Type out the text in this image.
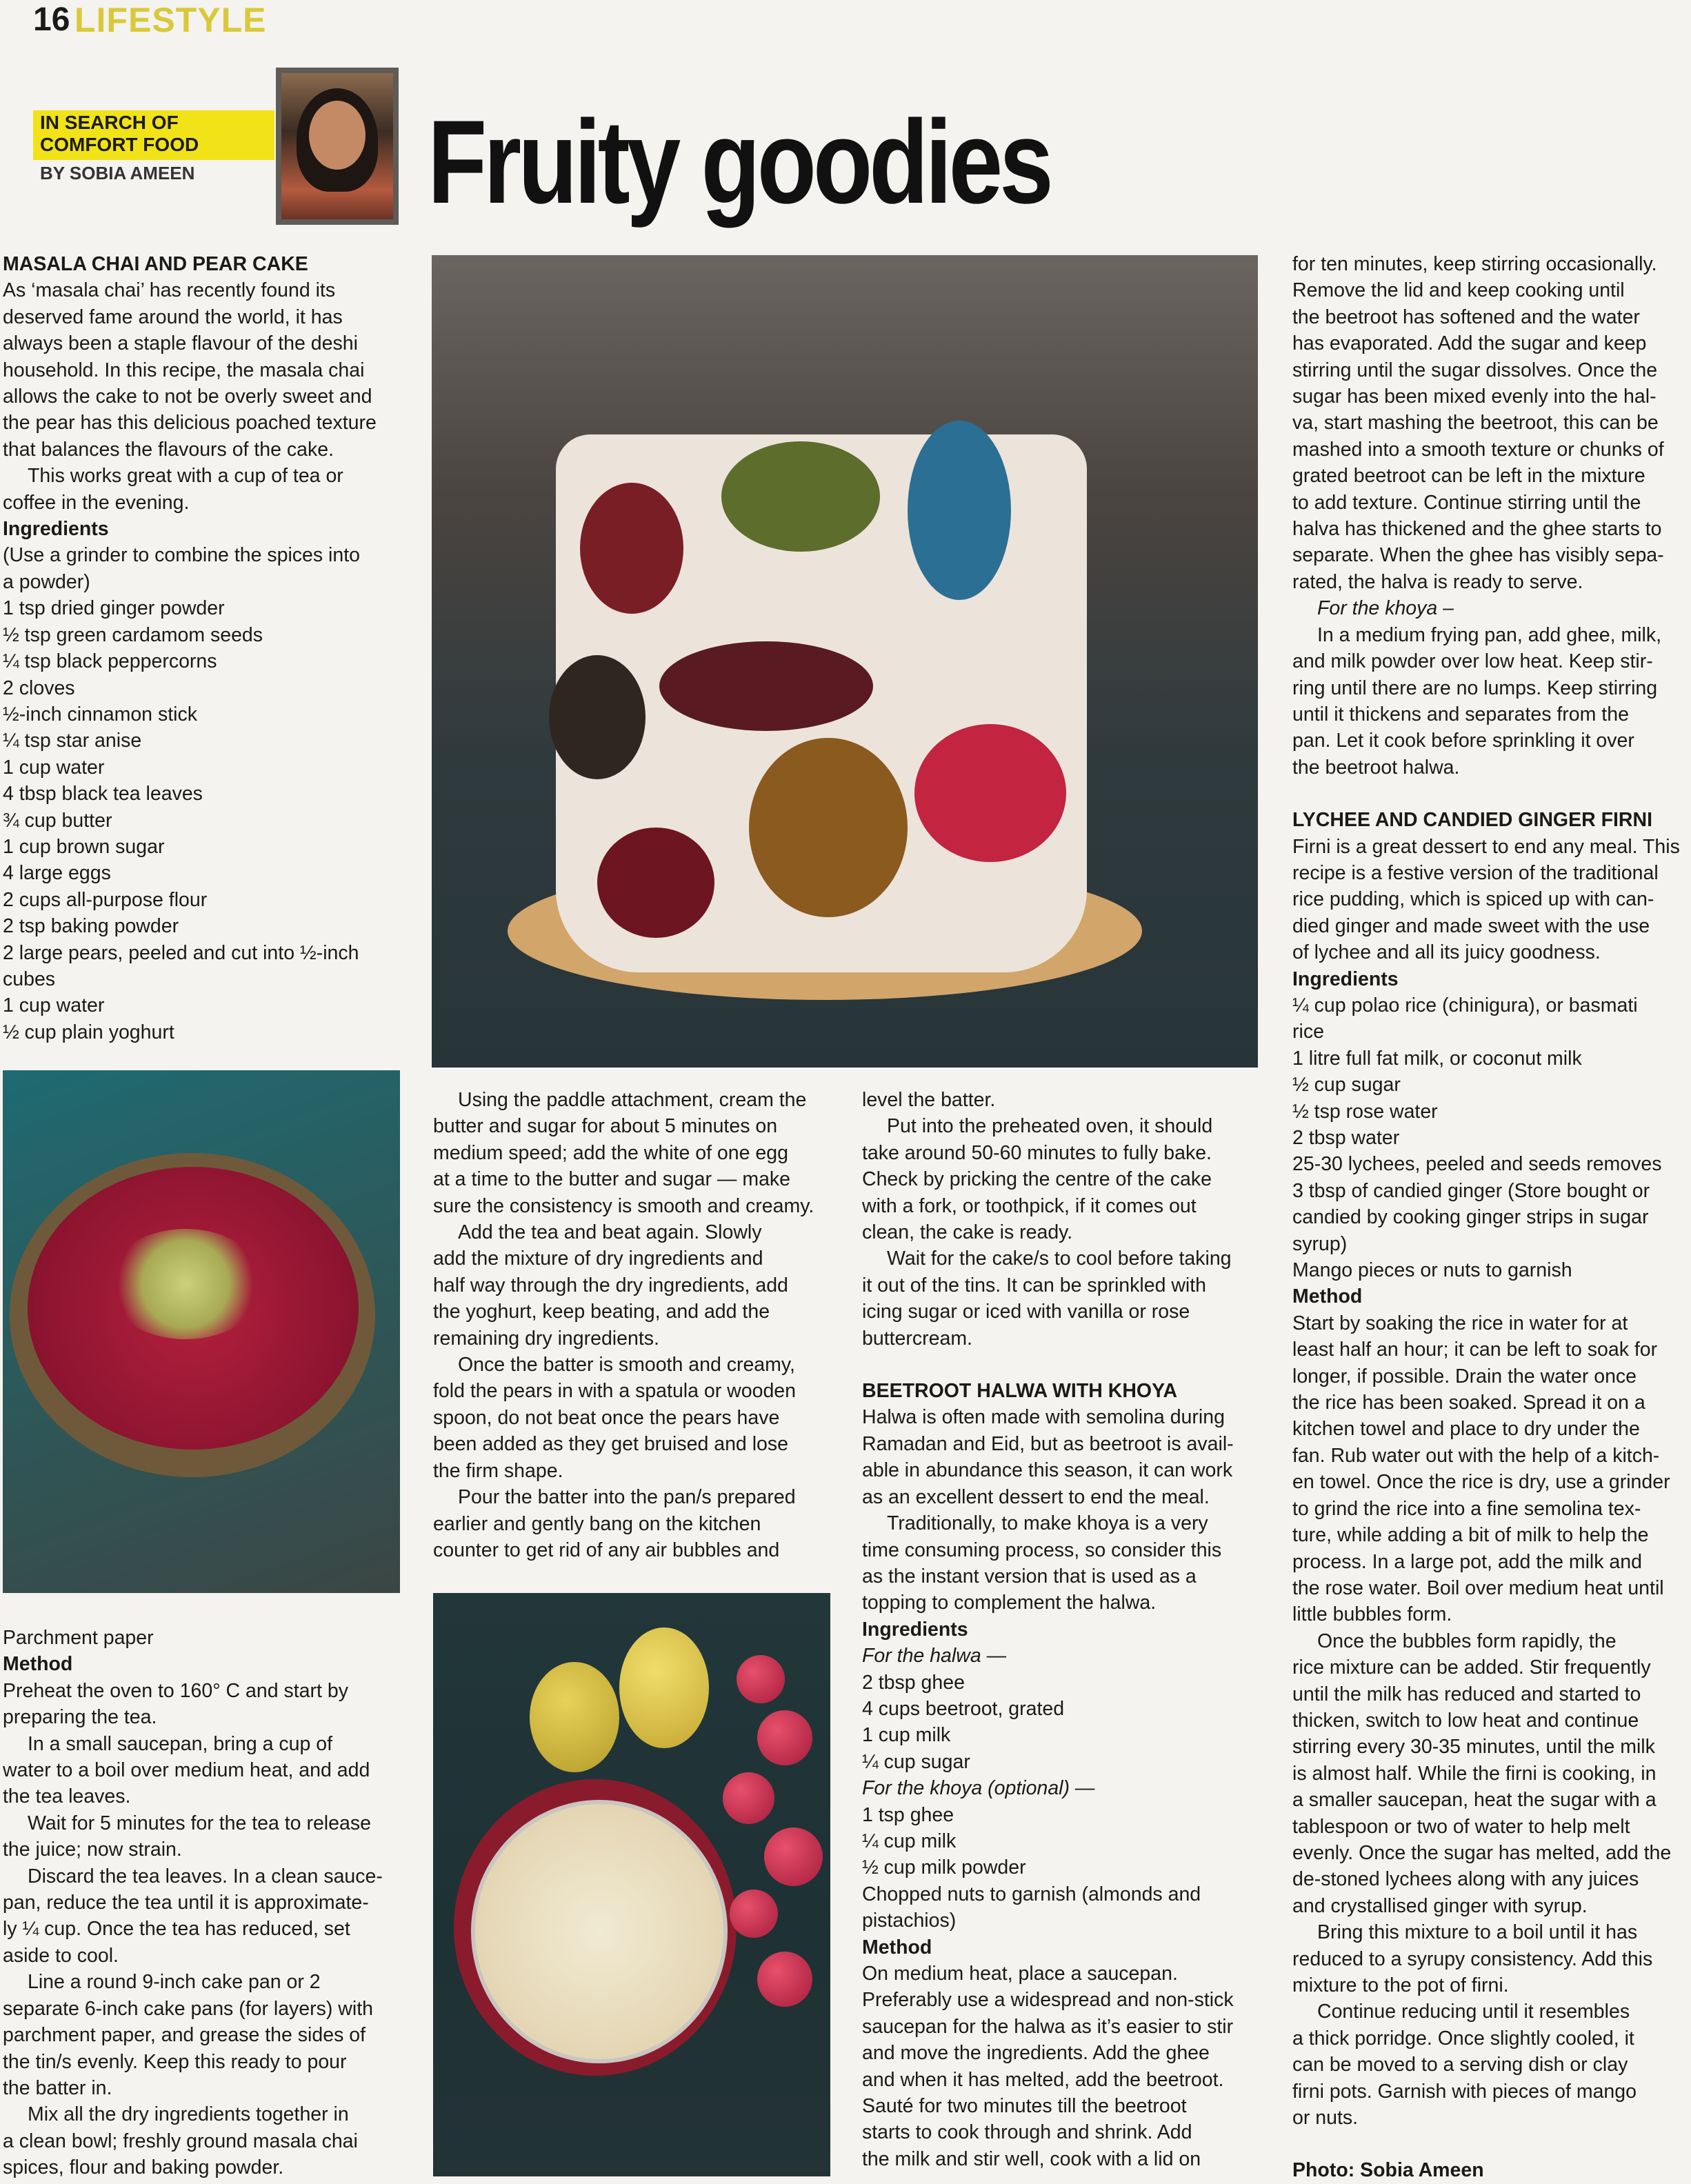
16 LIFESTYLE
IN SEARCH OF COMFORT FOOD
BY SOBIA AMEEN Fruity goodies

MASALA CHAI AND PEAR CAKE

As ‘masala chai’ has recently found its

deserved fame around the world, it has

always been a staple flavour of the deshi

household. In this recipe, the masala chai

allows the cake to not be overly sweet and

the pear has this delicious poached texture

that balances the flavours of the cake.

This works great with a cup of tea or

coffee in the evening.

Ingredients

(Use a grinder to combine the spices into

a powder)

1 tsp dried ginger powder

½ tsp green cardamom seeds

¼ tsp black peppercorns

2 cloves

½-inch cinnamon stick

¼ tsp star anise

1 cup water

4 tbsp black tea leaves

¾ cup butter

1 cup brown sugar

4 large eggs

2 cups all-purpose flour

2 tsp baking powder

2 large pears, peeled and cut into ½-inch

cubes

1 cup water

½ cup plain yoghurt

Parchment paper

Method

Preheat the oven to 160° C and start by

preparing the tea.

In a small saucepan, bring a cup of

water to a boil over medium heat, and add

the tea leaves.

Wait for 5 minutes for the tea to release

the juice; now strain.

Discard the tea leaves. In a clean sauce-

pan, reduce the tea until it is approximate-

ly ¼ cup. Once the tea has reduced, set

aside to cool.

Line a round 9-inch cake pan or 2

separate 6-inch cake pans (for layers) with

parchment paper, and grease the sides of

the tin/s evenly. Keep this ready to pour

the batter in.

Mix all the dry ingredients together in

a clean bowl; freshly ground masala chai

spices, flour and baking powder.

Using the paddle attachment, cream the

butter and sugar for about 5 minutes on

medium speed; add the white of one egg

at a time to the butter and sugar — make

sure the consistency is smooth and creamy.

Add the tea and beat again. Slowly

add the mixture of dry ingredients and

half way through the dry ingredients, add

the yoghurt, keep beating, and add the

remaining dry ingredients.

Once the batter is smooth and creamy,

fold the pears in with a spatula or wooden

spoon, do not beat once the pears have

been added as they get bruised and lose

the firm shape.

Pour the batter into the pan/s prepared

earlier and gently bang on the kitchen

counter to get rid of any air bubbles and

level the batter.

Put into the preheated oven, it should

take around 50-60 minutes to fully bake.

Check by pricking the centre of the cake

with a fork, or toothpick, if it comes out

clean, the cake is ready.

Wait for the cake/s to cool before taking

it out of the tins. It can be sprinkled with

icing sugar or iced with vanilla or rose

buttercream.

BEETROOT HALWA WITH KHOYA

Halwa is often made with semolina during

Ramadan and Eid, but as beetroot is avail-

able in abundance this season, it can work

as an excellent dessert to end the meal.

Traditionally, to make khoya is a very

time consuming process, so consider this

as the instant version that is used as a

topping to complement the halwa.

Ingredients

For the halwa —

2 tbsp ghee

4 cups beetroot, grated

1 cup milk

¼ cup sugar

For the khoya (optional) —

1 tsp ghee

¼ cup milk

½ cup milk powder

Chopped nuts to garnish (almonds and

pistachios)

Method

On medium heat, place a saucepan.

Preferably use a widespread and non-stick

saucepan for the halwa as it’s easier to stir

and move the ingredients. Add the ghee

and when it has melted, add the beetroot.

Sauté for two minutes till the beetroot

starts to cook through and shrink. Add

the milk and stir well, cook with a lid on

for ten minutes, keep stirring occasionally.

Remove the lid and keep cooking until

the beetroot has softened and the water

has evaporated. Add the sugar and keep

stirring until the sugar dissolves. Once the

sugar has been mixed evenly into the hal-

va, start mashing the beetroot, this can be

mashed into a smooth texture or chunks of

grated beetroot can be left in the mixture

to add texture. Continue stirring until the

halva has thickened and the ghee starts to

separate. When the ghee has visibly sepa-

rated, the halva is ready to serve.

For the khoya –

In a medium frying pan, add ghee, milk,

and milk powder over low heat. Keep stir-

ring until there are no lumps. Keep stirring

until it thickens and separates from the

pan. Let it cook before sprinkling it over

the beetroot halwa.

LYCHEE AND CANDIED GINGER FIRNI

Firni is a great dessert to end any meal. This

recipe is a festive version of the traditional

rice pudding, which is spiced up with can-

died ginger and made sweet with the use

of lychee and all its juicy goodness.

Ingredients

¼ cup polao rice (chinigura), or basmati

rice

1 litre full fat milk, or coconut milk

½ cup sugar

½ tsp rose water

2 tbsp water

25-30 lychees, peeled and seeds removes

3 tbsp of candied ginger (Store bought or

candied by cooking ginger strips in sugar

syrup)

Mango pieces or nuts to garnish

Method

Start by soaking the rice in water for at

least half an hour; it can be left to soak for

longer, if possible. Drain the water once

the rice has been soaked. Spread it on a

kitchen towel and place to dry under the

fan. Rub water out with the help of a kitch-

en towel. Once the rice is dry, use a grinder

to grind the rice into a fine semolina tex-

ture, while adding a bit of milk to help the

process. In a large pot, add the milk and

the rose water. Boil over medium heat until

little bubbles form.

Once the bubbles form rapidly, the

rice mixture can be added. Stir frequently

until the milk has reduced and started to

thicken, switch to low heat and continue

stirring every 30-35 minutes, until the milk

is almost half. While the firni is cooking, in

a smaller saucepan, heat the sugar with a

tablespoon or two of water to help melt

evenly. Once the sugar has melted, add the

de-stoned lychees along with any juices

and crystallised ginger with syrup.

Bring this mixture to a boil until it has

reduced to a syrupy consistency. Add this

mixture to the pot of firni.

Continue reducing until it resembles

a thick porridge. Once slightly cooled, it

can be moved to a serving dish or clay

firni pots. Garnish with pieces of mango

or nuts.

Photo: Sobia Ameen
